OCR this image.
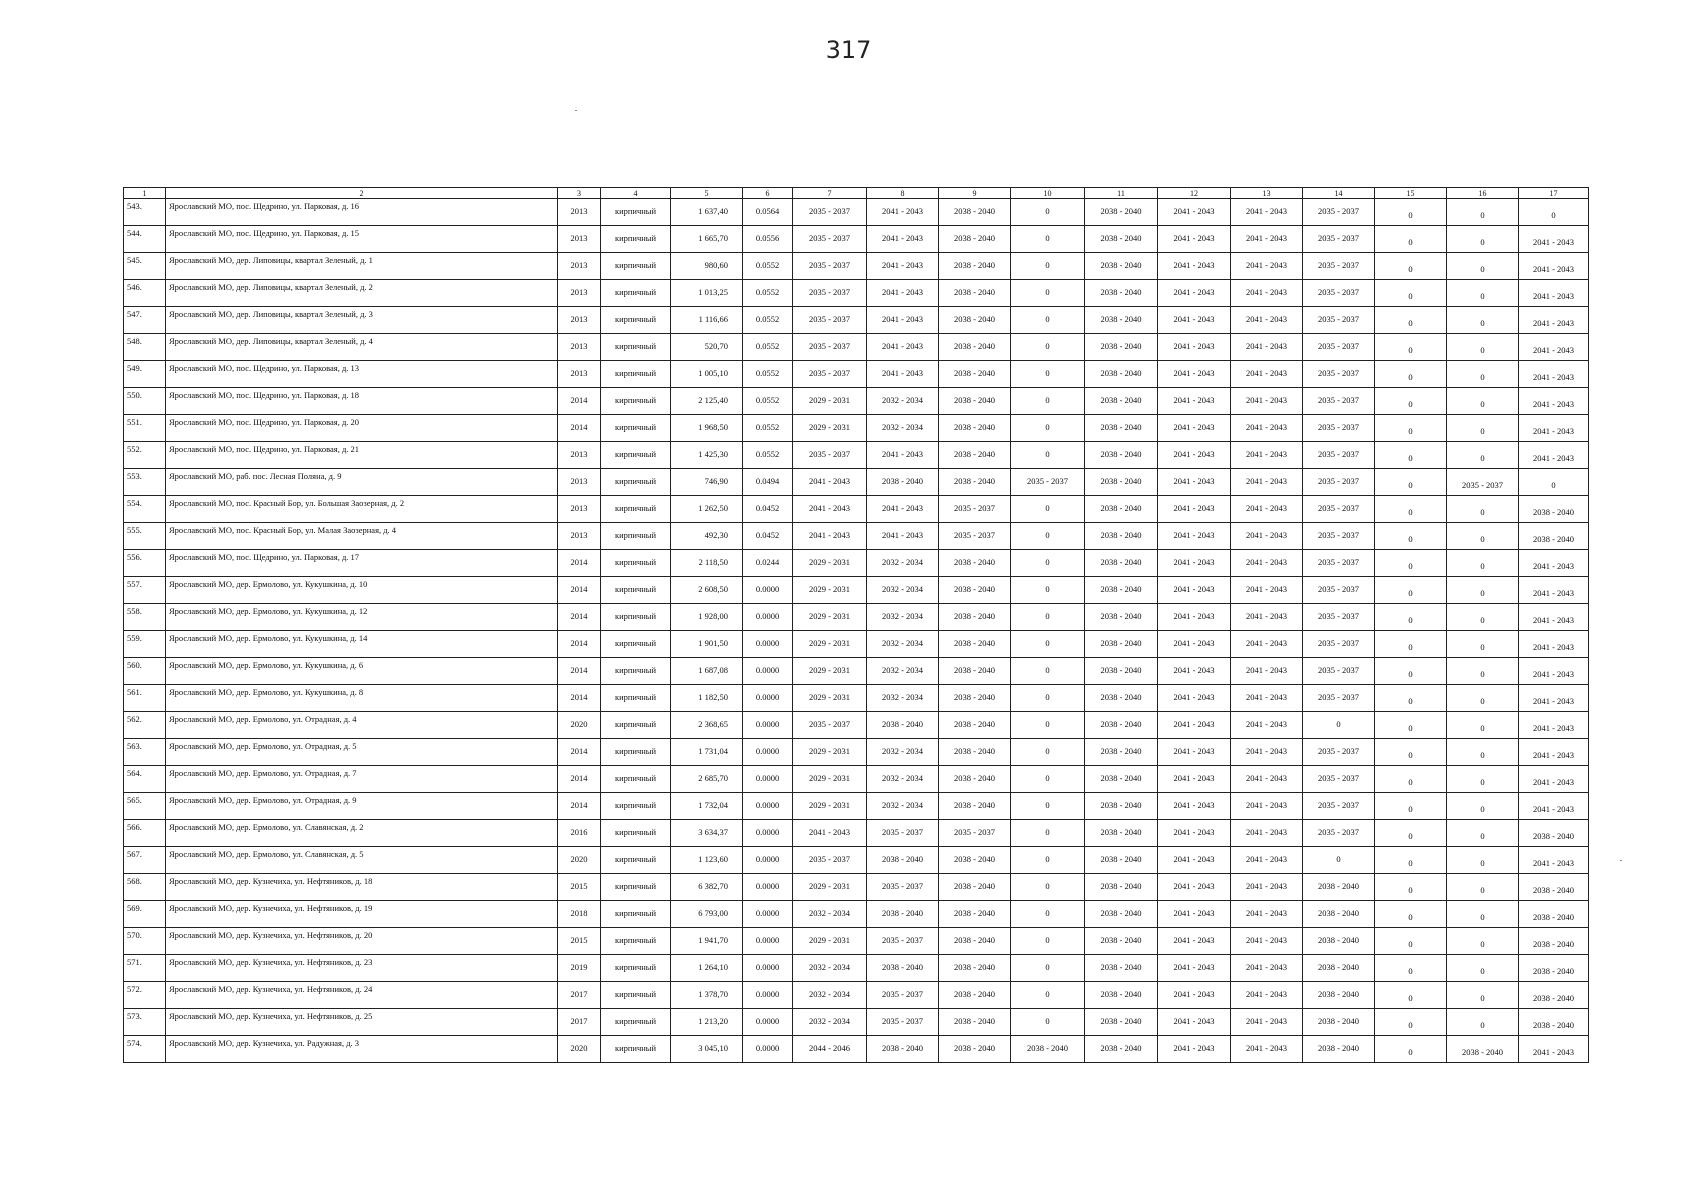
317
1	2	3	4	5	6	7	8	9	10	11	12	13	14	15	16	17

543.	Ярославский МО, пос. Щедрино, ул. Парковая, д. 16	2013	кирпичный	1 637,40	0.0564	2035 - 2037	2041 - 2043	2038 - 2040	0	2038 - 2040	2041 - 2043	2041 - 2043	2035 - 2037	0	0	0

544.	Ярославский МО, пос. Щедрино, ул. Парковая, д. 15	2013	кирпичный	1 665,70	0.0556	2035 - 2037	2041 - 2043	2038 - 2040	0	2038 - 2040	2041 - 2043	2041 - 2043	2035 - 2037	0	0	2041 - 2043

545.	Ярославский МО, дер. Липовицы, квартал Зеленый, д. 1	2013	кирпичный	980,60	0.0552	2035 - 2037	2041 - 2043	2038 - 2040	0	2038 - 2040	2041 - 2043	2041 - 2043	2035 - 2037	0	0	2041 - 2043

546.	Ярославский МО, дер. Липовицы, квартал Зеленый, д. 2	2013	кирпичный	1 013,25	0.0552	2035 - 2037	2041 - 2043	2038 - 2040	0	2038 - 2040	2041 - 2043	2041 - 2043	2035 - 2037	0	0	2041 - 2043

547.	Ярославский МО, дер. Липовицы, квартал Зеленый, д. 3	2013	кирпичный	1 116,66	0.0552	2035 - 2037	2041 - 2043	2038 - 2040	0	2038 - 2040	2041 - 2043	2041 - 2043	2035 - 2037	0	0	2041 - 2043

548.	Ярославский МО, дер. Липовицы, квартал Зеленый, д. 4	2013	кирпичный	520,70	0.0552	2035 - 2037	2041 - 2043	2038 - 2040	0	2038 - 2040	2041 - 2043	2041 - 2043	2035 - 2037	0	0	2041 - 2043

549.	Ярославский МО, пос. Щедрино, ул. Парковая, д. 13	2013	кирпичный	1 005,10	0.0552	2035 - 2037	2041 - 2043	2038 - 2040	0	2038 - 2040	2041 - 2043	2041 - 2043	2035 - 2037	0	0	2041 - 2043

550.	Ярославский МО, пос. Щедрино, ул. Парковая, д. 18	2014	кирпичный	2 125,40	0.0552	2029 - 2031	2032 - 2034	2038 - 2040	0	2038 - 2040	2041 - 2043	2041 - 2043	2035 - 2037	0	0	2041 - 2043

551.	Ярославский МО, пос. Щедрино, ул. Парковая, д. 20	2014	кирпичный	1 968,50	0.0552	2029 - 2031	2032 - 2034	2038 - 2040	0	2038 - 2040	2041 - 2043	2041 - 2043	2035 - 2037	0	0	2041 - 2043

552.	Ярославский МО, пос. Щедрино, ул. Парковая, д. 21	2013	кирпичный	1 425,30	0.0552	2035 - 2037	2041 - 2043	2038 - 2040	0	2038 - 2040	2041 - 2043	2041 - 2043	2035 - 2037	0	0	2041 - 2043

553.	Ярославский МО, раб. пос. Лесная Поляна, д. 9	2013	кирпичный	746,90	0.0494	2041 - 2043	2038 - 2040	2038 - 2040	2035 - 2037	2038 - 2040	2041 - 2043	2041 - 2043	2035 - 2037	0	2035 - 2037	0

554.	Ярославский МО, пос. Красный Бор, ул. Большая Заозерная, д. 2	2013	кирпичный	1 262,50	0.0452	2041 - 2043	2041 - 2043	2035 - 2037	0	2038 - 2040	2041 - 2043	2041 - 2043	2035 - 2037	0	0	2038 - 2040

555.	Ярославский МО, пос. Красный Бор, ул. Малая Заозерная, д. 4	2013	кирпичный	492,30	0.0452	2041 - 2043	2041 - 2043	2035 - 2037	0	2038 - 2040	2041 - 2043	2041 - 2043	2035 - 2037	0	0	2038 - 2040

556.	Ярославский МО, пос. Щедрино, ул. Парковая, д. 17	2014	кирпичный	2 118,50	0.0244	2029 - 2031	2032 - 2034	2038 - 2040	0	2038 - 2040	2041 - 2043	2041 - 2043	2035 - 2037	0	0	2041 - 2043

557.	Ярославский МО, дер. Ермолово, ул. Кукушкина, д. 10	2014	кирпичный	2 608,50	0.0000	2029 - 2031	2032 - 2034	2038 - 2040	0	2038 - 2040	2041 - 2043	2041 - 2043	2035 - 2037	0	0	2041 - 2043

558.	Ярославский МО, дер. Ермолово, ул. Кукушкина, д. 12	2014	кирпичный	1 928,00	0.0000	2029 - 2031	2032 - 2034	2038 - 2040	0	2038 - 2040	2041 - 2043	2041 - 2043	2035 - 2037	0	0	2041 - 2043

559.	Ярославский МО, дер. Ермолово, ул. Кукушкина, д. 14	2014	кирпичный	1 901,50	0.0000	2029 - 2031	2032 - 2034	2038 - 2040	0	2038 - 2040	2041 - 2043	2041 - 2043	2035 - 2037	0	0	2041 - 2043

560.	Ярославский МО, дер. Ермолово, ул. Кукушкина, д. 6	2014	кирпичный	1 687,08	0.0000	2029 - 2031	2032 - 2034	2038 - 2040	0	2038 - 2040	2041 - 2043	2041 - 2043	2035 - 2037	0	0	2041 - 2043

561.	Ярославский МО, дер. Ермолово, ул. Кукушкина, д. 8	2014	кирпичный	1 182,50	0.0000	2029 - 2031	2032 - 2034	2038 - 2040	0	2038 - 2040	2041 - 2043	2041 - 2043	2035 - 2037	0	0	2041 - 2043

562.	Ярославский МО, дер. Ермолово, ул. Отрадная, д. 4	2020	кирпичный	2 368,65	0.0000	2035 - 2037	2038 - 2040	2038 - 2040	0	2038 - 2040	2041 - 2043	2041 - 2043	0	0	0	2041 - 2043

563.	Ярославский МО, дер. Ермолово, ул. Отрадная, д. 5	2014	кирпичный	1 731,04	0.0000	2029 - 2031	2032 - 2034	2038 - 2040	0	2038 - 2040	2041 - 2043	2041 - 2043	2035 - 2037	0	0	2041 - 2043

564.	Ярославский МО, дер. Ермолово, ул. Отрадная, д. 7	2014	кирпичный	2 685,70	0.0000	2029 - 2031	2032 - 2034	2038 - 2040	0	2038 - 2040	2041 - 2043	2041 - 2043	2035 - 2037	0	0	2041 - 2043

565.	Ярославский МО, дер. Ермолово, ул. Отрадная, д. 9	2014	кирпичный	1 732,04	0.0000	2029 - 2031	2032 - 2034	2038 - 2040	0	2038 - 2040	2041 - 2043	2041 - 2043	2035 - 2037	0	0	2041 - 2043

566.	Ярославский МО, дер. Ермолово, ул. Славянская, д. 2	2016	кирпичный	3 634,37	0.0000	2041 - 2043	2035 - 2037	2035 - 2037	0	2038 - 2040	2041 - 2043	2041 - 2043	2035 - 2037	0	0	2038 - 2040

567.	Ярославский МО, дер. Ермолово, ул. Славянская, д. 5	2020	кирпичный	1 123,60	0.0000	2035 - 2037	2038 - 2040	2038 - 2040	0	2038 - 2040	2041 - 2043	2041 - 2043	0	0	0	2041 - 2043

568.	Ярославский МО, дер. Кузнечиха, ул. Нефтяников, д. 18	2015	кирпичный	6 382,70	0.0000	2029 - 2031	2035 - 2037	2038 - 2040	0	2038 - 2040	2041 - 2043	2041 - 2043	2038 - 2040	0	0	2038 - 2040

569.	Ярославский МО, дер. Кузнечиха, ул. Нефтяников, д. 19	2018	кирпичный	6 793,00	0.0000	2032 - 2034	2038 - 2040	2038 - 2040	0	2038 - 2040	2041 - 2043	2041 - 2043	2038 - 2040	0	0	2038 - 2040

570.	Ярославский МО, дер. Кузнечиха, ул. Нефтяников, д. 20	2015	кирпичный	1 941,70	0.0000	2029 - 2031	2035 - 2037	2038 - 2040	0	2038 - 2040	2041 - 2043	2041 - 2043	2038 - 2040	0	0	2038 - 2040

571.	Ярославский МО, дер. Кузнечиха, ул. Нефтяников, д. 23	2019	кирпичный	1 264,10	0.0000	2032 - 2034	2038 - 2040	2038 - 2040	0	2038 - 2040	2041 - 2043	2041 - 2043	2038 - 2040	0	0	2038 - 2040

572.	Ярославский МО, дер. Кузнечиха, ул. Нефтяников, д. 24	2017	кирпичный	1 378,70	0.0000	2032 - 2034	2035 - 2037	2038 - 2040	0	2038 - 2040	2041 - 2043	2041 - 2043	2038 - 2040	0	0	2038 - 2040

573.	Ярославский МО, дер. Кузнечиха, ул. Нефтяников, д. 25	2017	кирпичный	1 213,20	0.0000	2032 - 2034	2035 - 2037	2038 - 2040	0	2038 - 2040	2041 - 2043	2041 - 2043	2038 - 2040	0	0	2038 - 2040

574.	Ярославский МО, дер. Кузнечиха, ул. Радужная, д. 3	2020	кирпичный	3 045,10	0.0000	2044 - 2046	2038 - 2040	2038 - 2040	2038 - 2040	2038 - 2040	2041 - 2043	2041 - 2043	2038 - 2040	0	2038 - 2040	2041 - 2043
